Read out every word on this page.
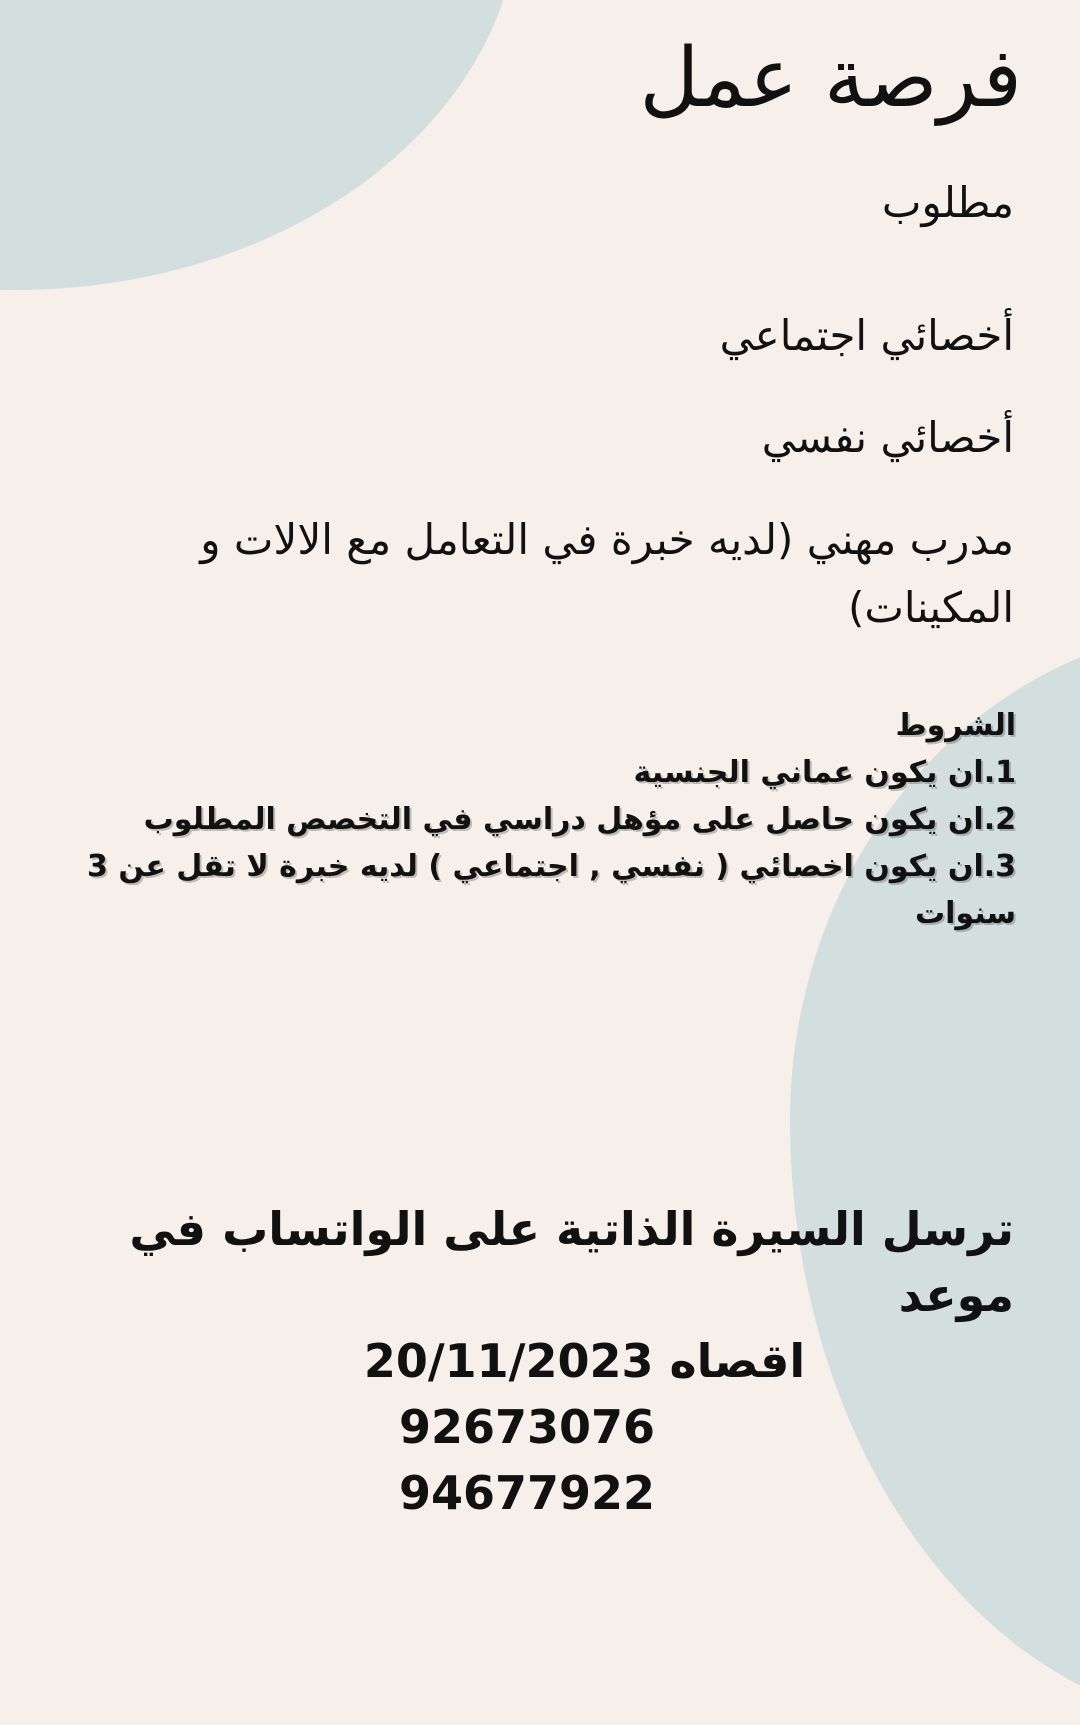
فرصة عمل
مطلوب
أخصائي اجتماعي
أخصائي نفسي
مدرب مهني (لديه خبرة في التعامل مع الالات و المكينات)
الشروط
1.ان يكون عماني الجنسية
2.ان يكون حاصل على مؤهل دراسي في التخصص المطلوب
3.ان يكون اخصائي ( نفسي , اجتماعي ) لديه خبرة لا تقل عن 3 سنوات

ترسل السيرة الذاتية على الواتساب في موعد

اقصاه 20/11/2023

92673076

94677922
